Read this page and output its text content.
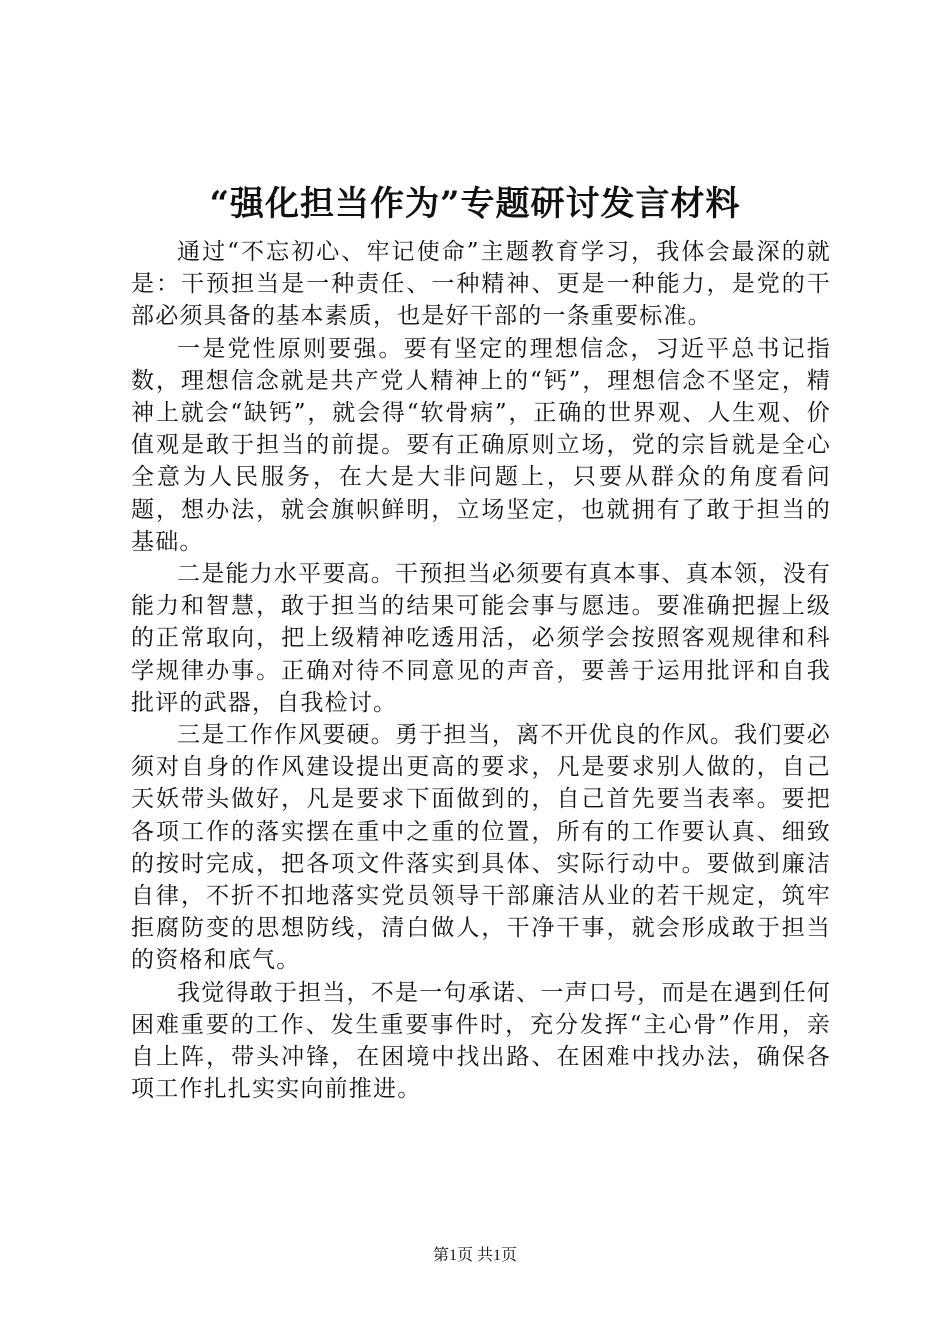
“强化担当作为”专题研讨发言材料

通过“不忘初心、牢记使命”主题教育学习，我体会最深的就是：干预担当是一种责任、一种精神、更是一种能力，是党的干部必须具备的基本素质，也是好干部的一条重要标准。

一是党性原则要强。要有坚定的理想信念，习近平总书记指数，理想信念就是共产党人精神上的“钙”，理想信念不坚定，精神上就会“缺钙”，就会得“软骨病”，正确的世界观、人生观、价值观是敢于担当的前提。要有正确原则立场，党的宗旨就是全心全意为人民服务，在大是大非问题上，只要从群众的角度看问题，想办法，就会旗帜鲜明，立场坚定，也就拥有了敢于担当的基础。

二是能力水平要高。干预担当必须要有真本事、真本领，没有能力和智慧，敢于担当的结果可能会事与愿违。要准确把握上级的正常取向，把上级精神吃透用活，必须学会按照客观规律和科学规律办事。正确对待不同意见的声音，要善于运用批评和自我批评的武器，自我检讨。

三是工作作风要硬。勇于担当，离不开优良的作风。我们要必须对自身的作风建设提出更高的要求，凡是要求别人做的，自己天妖带头做好，凡是要求下面做到的，自己首先要当表率。要把各项工作的落实摆在重中之重的位置，所有的工作要认真、细致的按时完成，把各项文件落实到具体、实际行动中。要做到廉洁自律，不折不扣地落实党员领导干部廉洁从业的若干规定，筑牢拒腐防变的思想防线，清白做人，干净干事，就会形成敢于担当的资格和底气。

我觉得敢于担当，不是一句承诺、一声口号，而是在遇到任何困难重要的工作、发生重要事件时，充分发挥“主心骨”作用，亲自上阵，带头冲锋，在困境中找出路、在困难中找办法，确保各项工作扎扎实实向前推进。

第1页 共1页
